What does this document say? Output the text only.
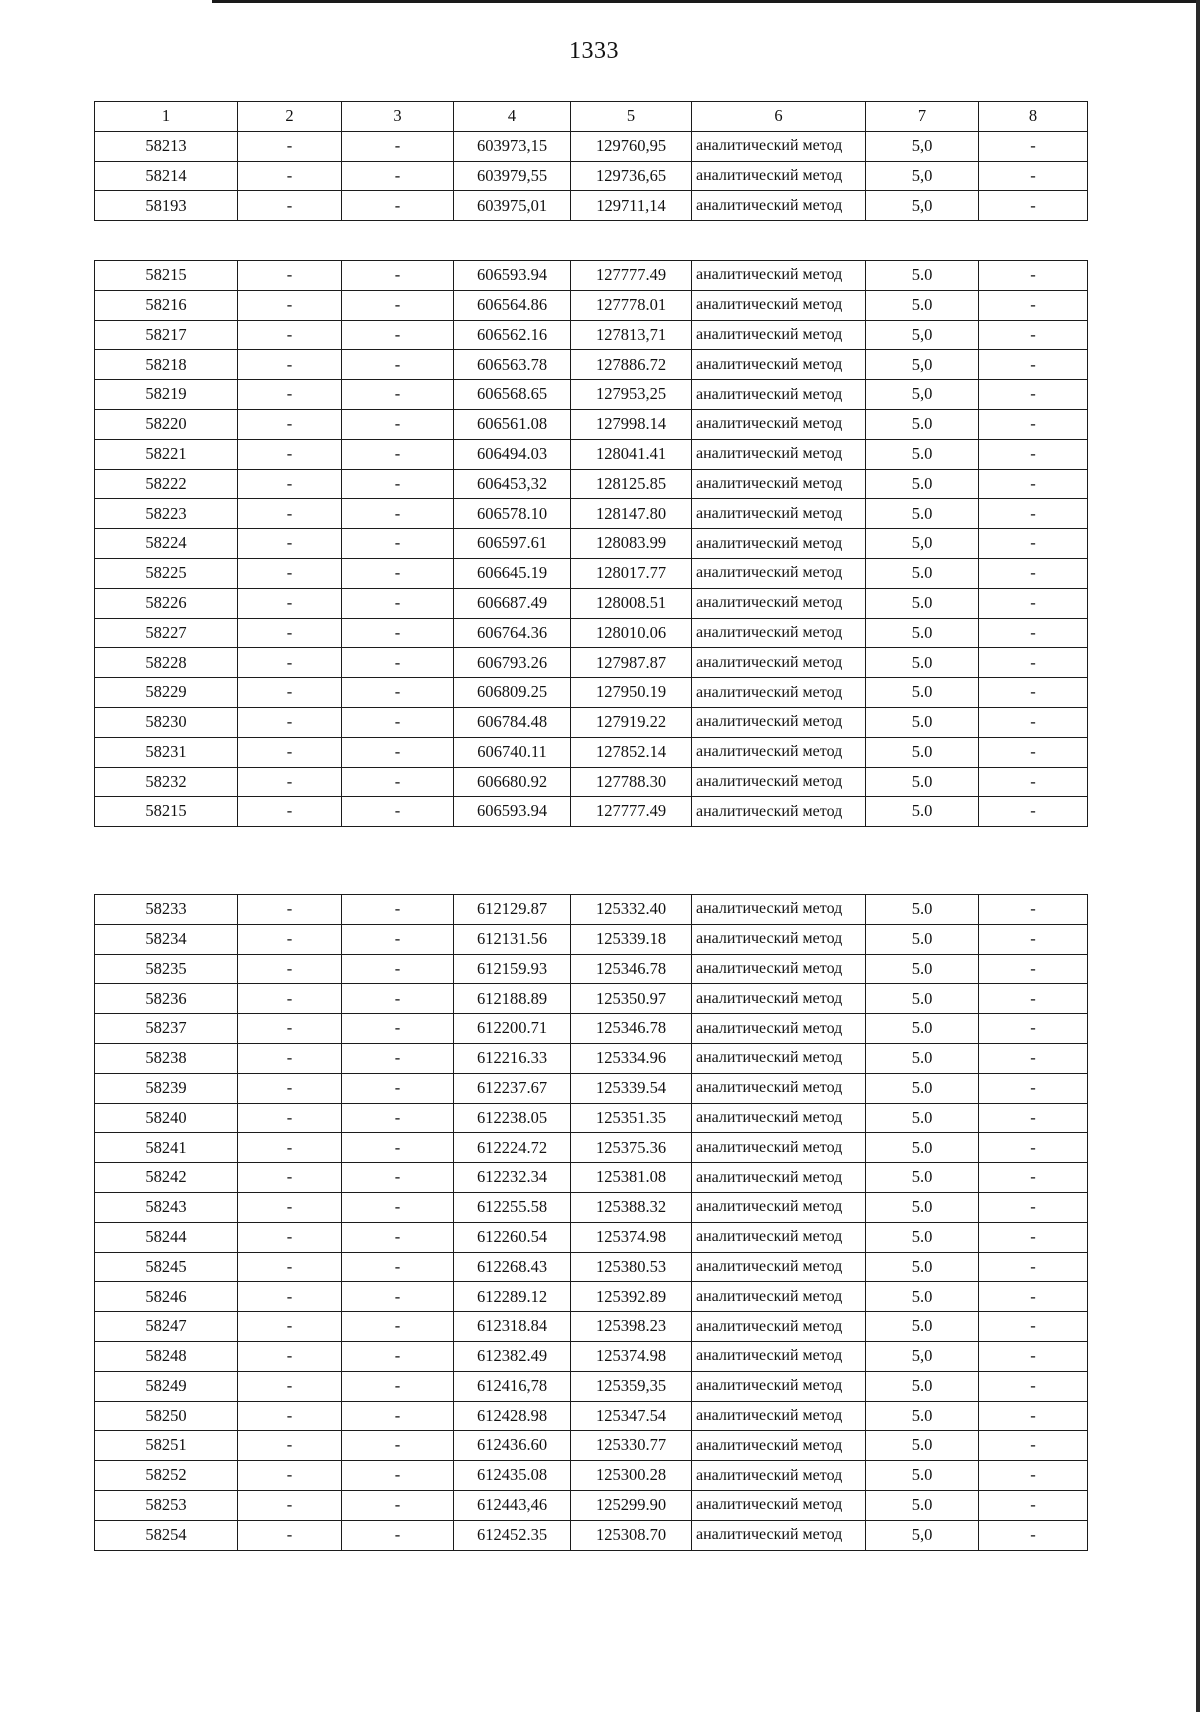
1333
1	2	3	4	5	6	7	8
58213	-	-	603973,15	129760,95	аналитический метод	5,0	-
58214	-	-	603979,55	129736,65	аналитический метод	5,0	-
58193	-	-	603975,01	129711,14	аналитический метод	5,0	-
58215	-	-	606593.94	127777.49	аналитический метод	5.0	-
58216	-	-	606564.86	127778.01	аналитический метод	5.0	-
58217	-	-	606562.16	127813,71	аналитический метод	5,0	-
58218	-	-	606563.78	127886.72	аналитический метод	5,0	-
58219	-	-	606568.65	127953,25	аналитический метод	5,0	-
58220	-	-	606561.08	127998.14	аналитический метод	5.0	-
58221	-	-	606494.03	128041.41	аналитический метод	5.0	-
58222	-	-	606453,32	128125.85	аналитический метод	5.0	-
58223	-	-	606578.10	128147.80	аналитический метод	5.0	-
58224	-	-	606597.61	128083.99	аналитический метод	5,0	-
58225	-	-	606645.19	128017.77	аналитический метод	5.0	-
58226	-	-	606687.49	128008.51	аналитический метод	5.0	-
58227	-	-	606764.36	128010.06	аналитический метод	5.0	-
58228	-	-	606793.26	127987.87	аналитический метод	5.0	-
58229	-	-	606809.25	127950.19	аналитический метод	5.0	-
58230	-	-	606784.48	127919.22	аналитический метод	5.0	-
58231	-	-	606740.11	127852.14	аналитический метод	5.0	-
58232	-	-	606680.92	127788.30	аналитический метод	5.0	-
58215	-	-	606593.94	127777.49	аналитический метод	5.0	-
58233	-	-	612129.87	125332.40	аналитический метод	5.0	-
58234	-	-	612131.56	125339.18	аналитический метод	5.0	-
58235	-	-	612159.93	125346.78	аналитический метод	5.0	-
58236	-	-	612188.89	125350.97	аналитический метод	5.0	-
58237	-	-	612200.71	125346.78	аналитический метод	5.0	-
58238	-	-	612216.33	125334.96	аналитический метод	5.0	-
58239	-	-	612237.67	125339.54	аналитический метод	5.0	-
58240	-	-	612238.05	125351.35	аналитический метод	5.0	-
58241	-	-	612224.72	125375.36	аналитический метод	5.0	-
58242	-	-	612232.34	125381.08	аналитический метод	5.0	-
58243	-	-	612255.58	125388.32	аналитический метод	5.0	-
58244	-	-	612260.54	125374.98	аналитический метод	5.0	-
58245	-	-	612268.43	125380.53	аналитический метод	5.0	-
58246	-	-	612289.12	125392.89	аналитический метод	5.0	-
58247	-	-	612318.84	125398.23	аналитический метод	5.0	-
58248	-	-	612382.49	125374.98	аналитический метод	5,0	-
58249	-	-	612416,78	125359,35	аналитический метод	5.0	-
58250	-	-	612428.98	125347.54	аналитический метод	5.0	-
58251	-	-	612436.60	125330.77	аналитический метод	5.0	-
58252	-	-	612435.08	125300.28	аналитический метод	5.0	-
58253	-	-	612443,46	125299.90	аналитический метод	5.0	-
58254	-	-	612452.35	125308.70	аналитический метод	5,0	-
